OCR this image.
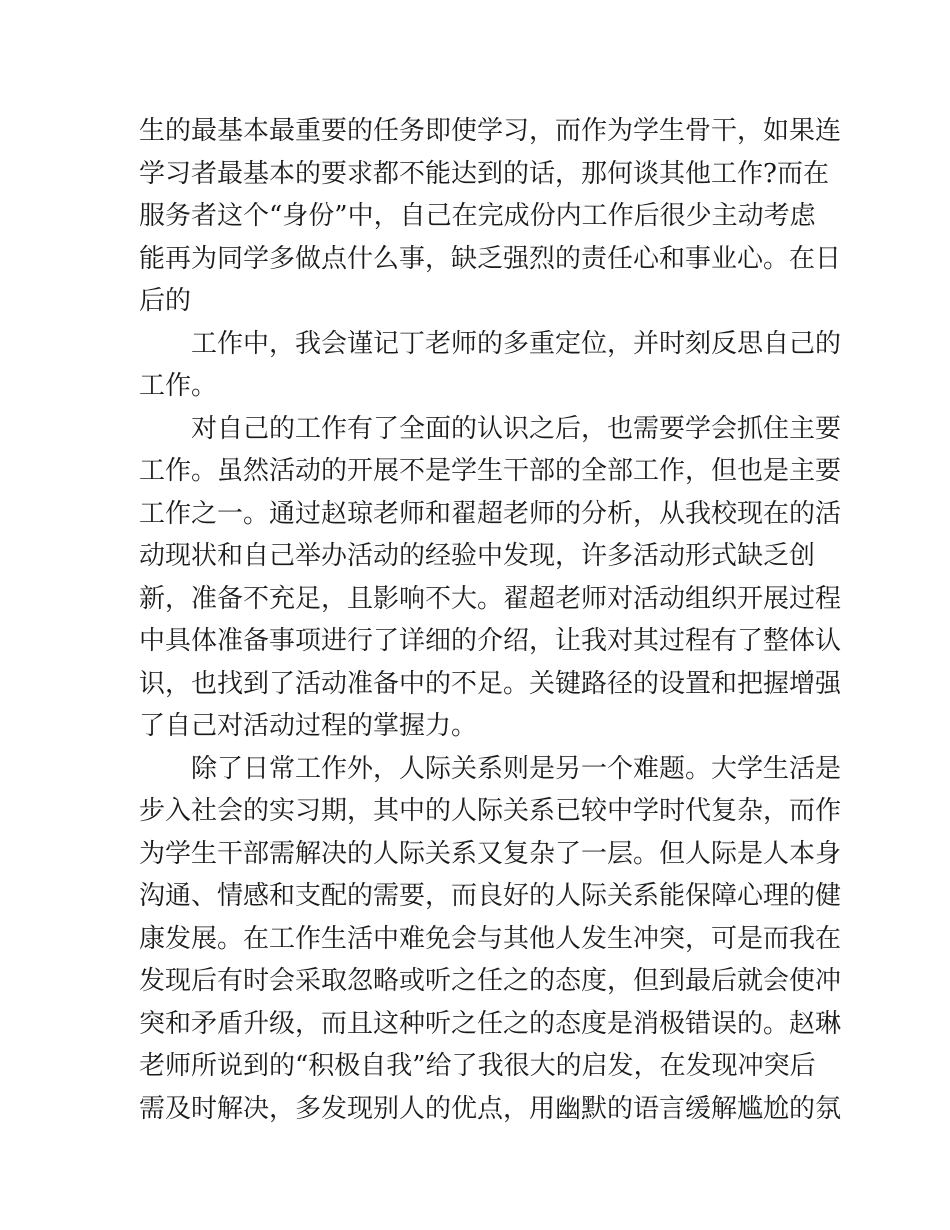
生的最基本最重要的任务即使学习，而作为学生骨干，如果连
学习者最基本的要求都不能达到的话，那何谈其他工作?而在
服务者这个“身份”中，自己在完成份内工作后很少主动考虑
能再为同学多做点什么事，缺乏强烈的责任心和事业心。在日
后的
工作中，我会谨记丁老师的多重定位，并时刻反思自己的
工作。
对自己的工作有了全面的认识之后，也需要学会抓住主要
工作。虽然活动的开展不是学生干部的全部工作，但也是主要
工作之一。通过赵琼老师和翟超老师的分析，从我校现在的活
动现状和自己举办活动的经验中发现，许多活动形式缺乏创
新，准备不充足，且影响不大。翟超老师对活动组织开展过程
中具体准备事项进行了详细的介绍，让我对其过程有了整体认
识，也找到了活动准备中的不足。关键路径的设置和把握增强
了自己对活动过程的掌握力。
除了日常工作外，人际关系则是另一个难题。大学生活是
步入社会的实习期，其中的人际关系已较中学时代复杂，而作
为学生干部需解决的人际关系又复杂了一层。但人际是人本身
沟通、情感和支配的需要，而良好的人际关系能保障心理的健
康发展。在工作生活中难免会与其他人发生冲突，可是而我在
发现后有时会采取忽略或听之任之的态度，但到最后就会使冲
突和矛盾升级，而且这种听之任之的态度是消极错误的。赵琳
老师所说到的“积极自我”给了我很大的启发，在发现冲突后
需及时解决，多发现别人的优点，用幽默的语言缓解尴尬的氛
